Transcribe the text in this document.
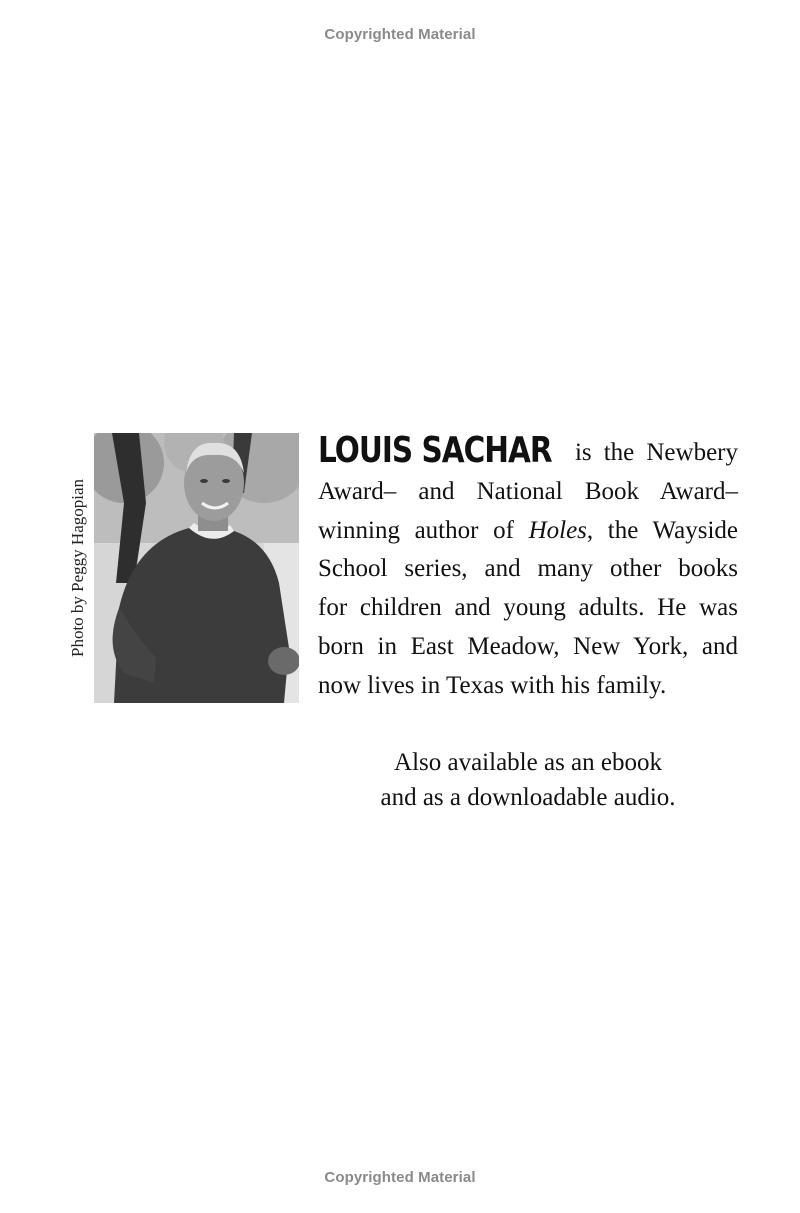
Copyrighted Material
Photo by Peggy Hagopian
LOUIS SACHAR is the Newbery
Award– and National Book Award–
winning author of Holes, the Wayside
School series, and many other books
for children and young adults. He was
born in East Meadow, New York, and
now lives in Texas with his family.
Also available as an ebook
and as a downloadable audio.
Copyrighted Material
